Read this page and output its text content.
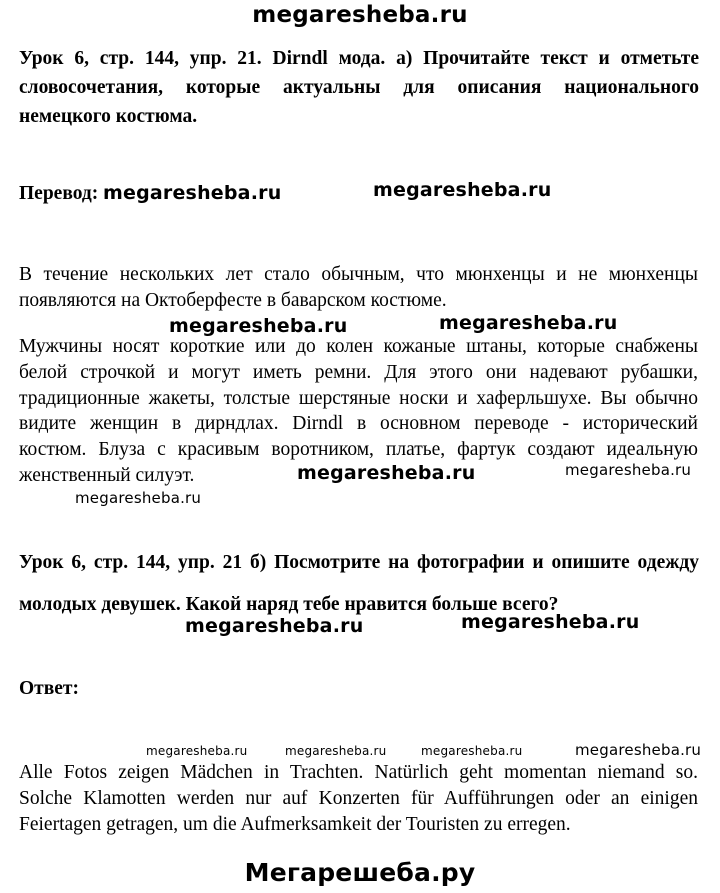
megaresheba.ru
Урок 6, стр. 144, упр. 21. Dirndl мода. а) Прочитайте текст и отметьте
словосочетания, которые актуальны для описания национального
немецкого костюма.
Перевод: megaresheba.ru	megaresheba.ru
В течение нескольких лет стало обычным, что мюнхенцы и не мюнхенцы
появляются на Октоберфесте в баварском костюме.
megaresheba.ru	megaresheba.ru
Мужчины носят короткие или до колен кожаные штаны, которые снабжены
белой строчкой и могут иметь ремни. Для этого они надевают рубашки,
традиционные жакеты, толстые шерстяные носки и хаферльшухе. Вы обычно
видите женщин в дирндлах. Dirndl в основном переводе - исторический
костюм. Блуза с красивым воротником, платье, фартук создают идеальную
женственный силуэт.	megaresheba.ru	megaresheba.ru
megaresheba.ru
Урок 6, стр. 144, упр. 21 б) Посмотрите на фотографии и опишите одежду
молодых девушек. Какой наряд тебе нравится больше всего?
megaresheba.ru	megaresheba.ru
Ответ:
megaresheba.ru	megaresheba.ru	megaresheba.ru	megaresheba.ru
Alle Fotos zeigen Mädchen in Trachten. Natürlich geht momentan niemand so.
Solche Klamotten werden nur auf Konzerten für Aufführungen oder an einigen
Feiertagen getragen, um die Aufmerksamkeit der Touristen zu erregen.
Мегарешеба.ру
